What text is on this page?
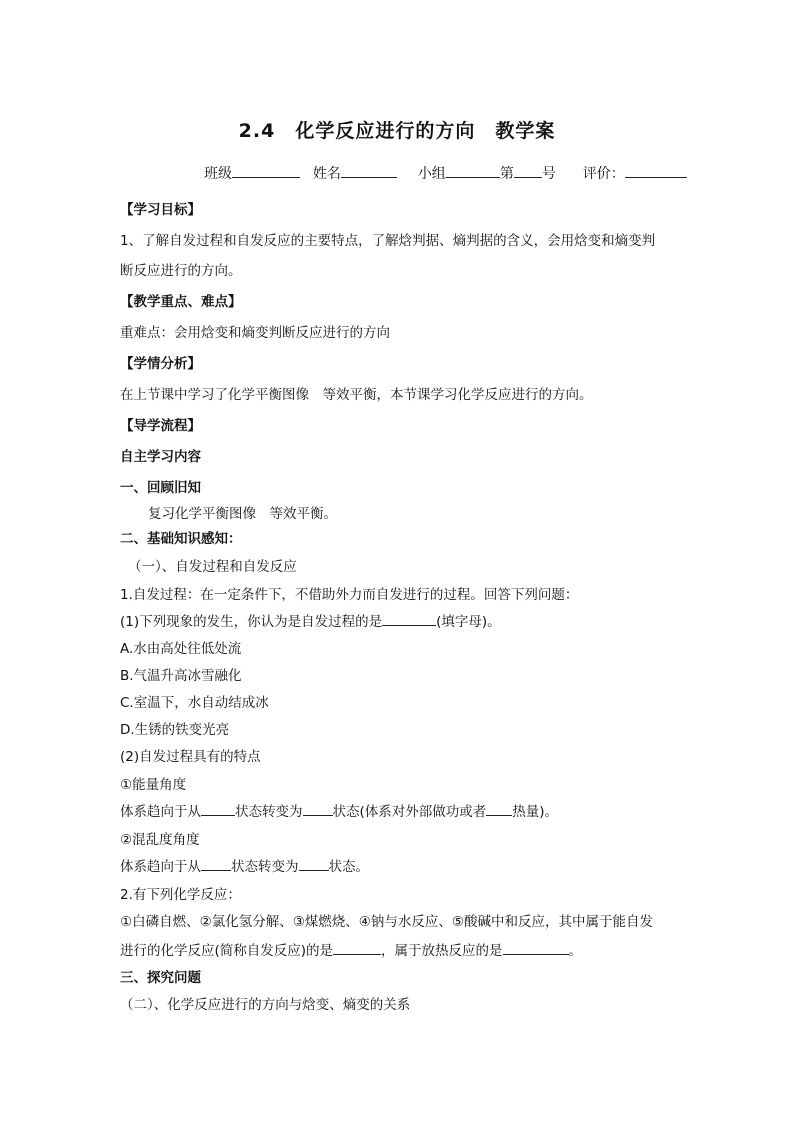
2.4　化学反应进行的方向　教学案
班级	姓名	小组	第 号 评价：
【学习目标】
1、了解自发过程和自发反应的主要特点，了解焓判据、熵判据的含义，会用焓变和熵变判
断反应进行的方向。
【教学重点、难点】
重难点：会用焓变和熵变判断反应进行的方向
【学情分析】
在上节课中学习了化学平衡图像　等效平衡，本节课学习化学反应进行的方向。
【导学流程】
自主学习内容
一、回顾旧知
复习化学平衡图像　等效平衡。
二、基础知识感知：
（一）、自发过程和自发反应
1.自发过程：在一定条件下，不借助外力而自发进行的过程。回答下列问题：
(1)下列现象的发生，你认为是自发过程的是	(填字母)。
A.水由高处往低处流
B.气温升高冰雪融化
C.室温下，水自动结成冰
D.生锈的铁变光亮
(2)自发过程具有的特点
①能量角度
体系趋向于从	状态转变为 状态(体系对外部做功或者 热量)。
②混乱度角度
体系趋向于从 状态转变为 状态。
2.有下列化学反应：
①白磷自燃、②氯化氢分解、③煤燃烧、④钠与水反应、⑤酸碱中和反应，其中属于能自发
进行的化学反应(简称自发反应)的是	，属于放热反应的是	。
三、探究问题
（二）、化学反应进行的方向与焓变、熵变的关系
